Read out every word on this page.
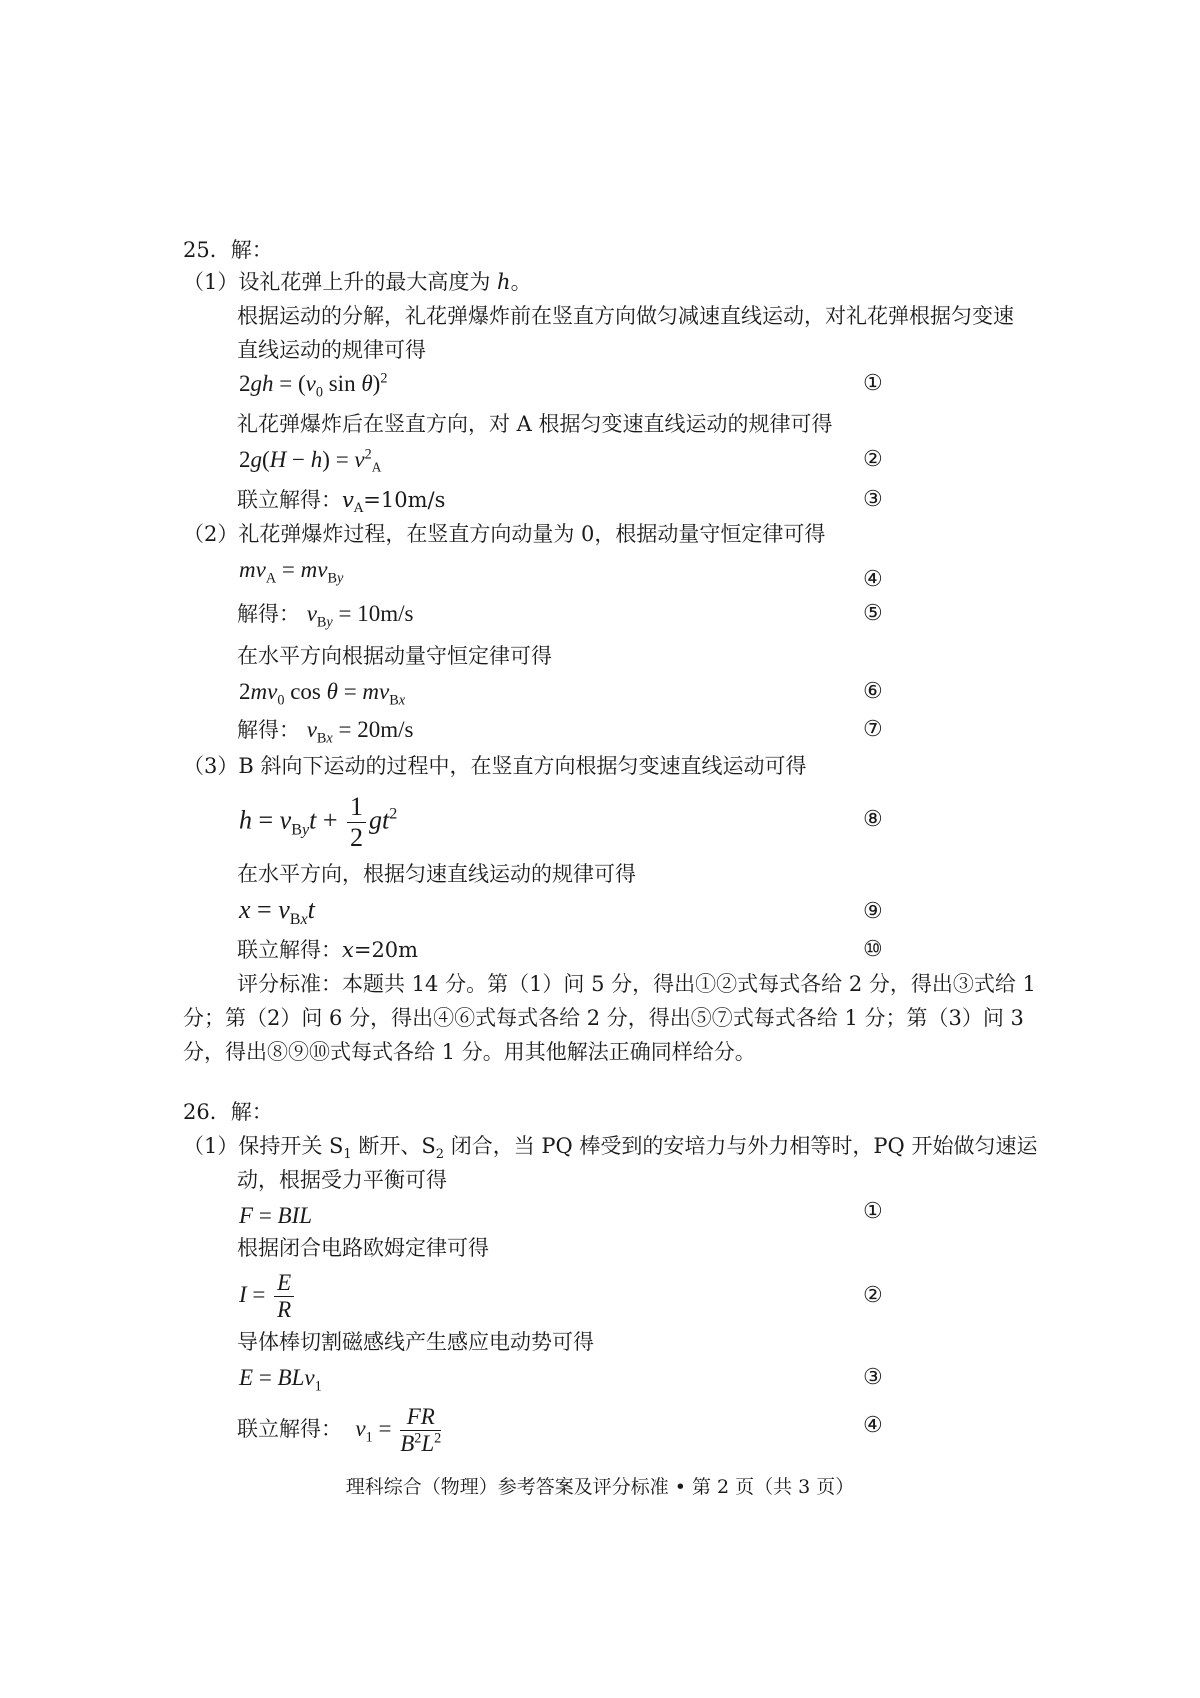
25．解：
（1）设礼花弹上升的最大高度为 h。
根据运动的分解，礼花弹爆炸前在竖直方向做匀减速直线运动，对礼花弹根据匀变速
直线运动的规律可得
$2gh = (v_0$ sin θ)$^2$	①
礼花弹爆炸后在竖直方向，对 A 根据匀变速直线运动的规律可得
$2g(H - h) = v^2_A$	②
联立解得：$v_A=10m/s$	③
（2）礼花弹爆炸过程，在竖直方向动量为 0，根据动量守恒定律可得
$mv_A = mv_{By}$	④
解得： $v_{By} = 10m/s$	⑤
在水平方向根据动量守恒定律可得
$2mv_0$ $\cos \theta = mv_{Bx}$	⑥
解得： $v_{Bx} = 20m/s$	⑦
（3）B 斜向下运动的过程中，在竖直方向根据匀变速直线运动可得
$h = v_{By}t + \frac{1}{2} gt^2$	⑧
在水平方向，根据匀速直线运动的规律可得
$x = v_{Bx}t$	⑨
联立解得：x=20m	⑩
评分标准：本题共 14 分。第（1）问 5 分，得出①②式每式各给 2 分，得出③式给 1
分；第（2）问 6 分，得出④⑥式每式各给 2 分，得出⑤⑦式每式各给 1 分；第（3）问 3
分，得出⑧⑨⑩式每式各给 1 分。用其他解法正确同样给分。
26．解：
（1）保持开关 $S_1$ 断开、$S_2$ 闭合，当 PQ 棒受到的安培力与外力相等时，PQ 开始做匀速运
动，根据受力平衡可得
F = BIL	①
根据闭合电路欧姆定律可得
$I = \frac{E}{R}$	②
导体棒切割磁感线产生感应电动势可得
E = BLv$_1$	③
联立解得： $v_1 = \frac{FR}{B^2L^2}$	④
理科综合（物理）参考答案及评分标准 • 第 2 页（共 3 页）
